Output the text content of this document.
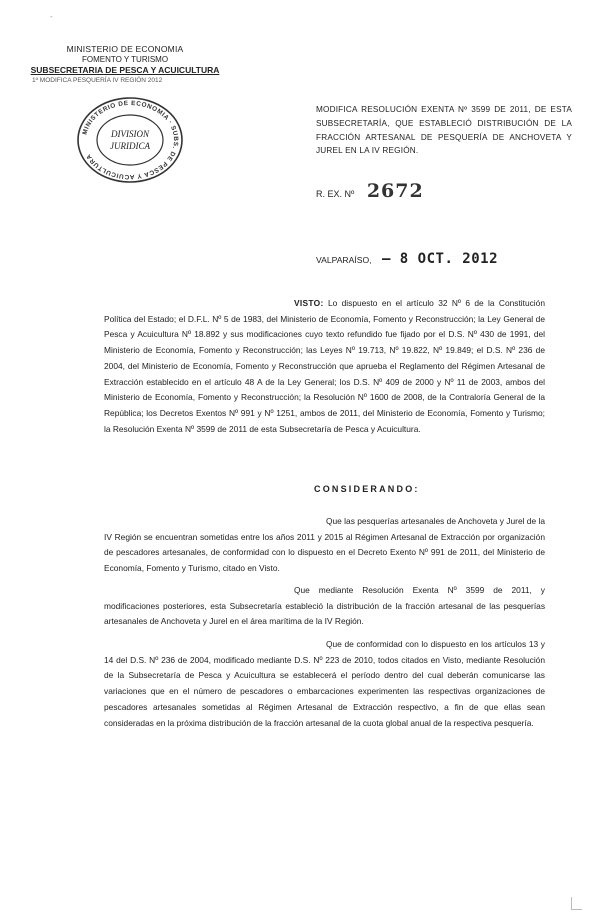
-
MINISTERIO DE ECONOMIA
FOMENTO Y TURISMO
SUBSECRETARIA DE PESCA Y ACUICULTURA
1º MODIFICA PESQUERÍA IV REGIÓN 2012
MINISTERIO DE ECONOMIA · SUBS. DE PESCA Y ACUICULTURA
DIVISION
JURIDICA
MODIFICA RESOLUCIÓN EXENTA Nº 3599 DE 2011, DE ESTA SUBSECRETARÍA, QUE ESTABLECIÓ DISTRIBUCIÓN DE LA FRACCIÓN ARTESANAL DE PESQUERÍA DE ANCHOVETA Y JUREL EN LA IV REGIÓN.
R. EX. Nº 2672
VALPARAÍSO, – 8 OCT. 2012
VISTO: Lo dispuesto en el artículo 32 Nº 6 de la Constitución Política del Estado; el D.F.L. Nº 5 de 1983, del Ministerio de Economía, Fomento y Reconstrucción; la Ley General de Pesca y Acuicultura Nº 18.892 y sus modificaciones cuyo texto refundido fue fijado por el D.S. Nº 430 de 1991, del Ministerio de Economía, Fomento y Reconstrucción; las Leyes Nº 19.713, Nº 19.822, Nº 19.849; el D.S. Nº 236 de 2004, del Ministerio de Economía, Fomento y Reconstrucción que aprueba el Reglamento del Régimen Artesanal de Extracción establecido en el artículo 48 A de la Ley General; los D.S. Nº 409 de 2000 y Nº 11 de 2003, ambos del Ministerio de Economía, Fomento y Reconstrucción; la Resolución Nº 1600 de 2008, de la Contraloría General de la República; los Decretos Exentos Nº 991 y Nº 1251, ambos de 2011, del Ministerio de Economía, Fomento y Turismo; la Resolución Exenta Nº 3599 de 2011 de esta Subsecretaría de Pesca y Acuicultura.
CONSIDERANDO:
Que las pesquerías artesanales de Anchoveta y Jurel de la IV Región se encuentran sometidas entre los años 2011 y 2015 al Régimen Artesanal de Extracción por organización de pescadores artesanales, de conformidad con lo dispuesto en el Decreto Exento Nº 991 de 2011, del Ministerio de Economía, Fomento y Turismo, citado en Visto.
Que mediante Resolución Exenta Nº 3599 de 2011, y modificaciones posteriores, esta Subsecretaría estableció la distribución de la fracción artesanal de las pesquerías artesanales de Anchoveta y Jurel en el área marítima de la IV Región.
Que de conformidad con lo dispuesto en los artículos 13 y 14 del D.S. Nº 236 de 2004, modificado mediante D.S. Nº 223 de 2010, todos citados en Visto, mediante Resolución de la Subsecretaría de Pesca y Acuicultura se establecerá el período dentro del cual deberán comunicarse las variaciones que en el número de pescadores o embarcaciones experimenten las respectivas organizaciones de pescadores artesanales sometidas al Régimen Artesanal de Extracción respectivo, a fin de que ellas sean consideradas en la próxima distribución de la fracción artesanal de la cuota global anual de la respectiva pesquería.
